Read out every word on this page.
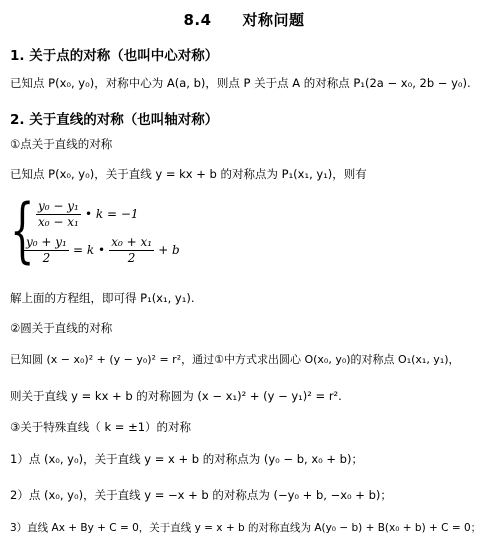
8.4　　对称问题
1. 关于点的对称（也叫中心对称）
已知点 P(x₀, y₀)，对称中心为 A(a, b)，则点 P 关于点 A 的对称点 P₁(2a − x₀, 2b − y₀).
2. 关于直线的对称（也叫轴对称）
①点关于直线的对称
已知点 P(x₀, y₀)，关于直线 y = kx + b 的对称点为 P₁(x₁, y₁)，则有
{ $\frac{\text{y₀ − y₁}}{\text{x₀ − x₁}}$ • k = −1
$\frac{\text{y₀ + y₁}}{2} = k$ • $\frac{\text{x₀ + x₁}}{2} + b$
解上面的方程组，即可得 P₁(x₁, y₁).
②圆关于直线的对称
已知圆 (x − x₀)² + (y − y₀)² = r²，通过①中方式求出圆心 O(x₀, y₀)的对称点 O₁(x₁, y₁)，
则关于直线 y = kx + b 的对称圆为 (x − x₁)² + (y − y₁)² = r².
③关于特殊直线（ k = ±1）的对称
1）点 (x₀, y₀)，关于直线 y = x + b 的对称点为 (y₀ − b, x₀ + b)；
2）点 (x₀, y₀)，关于直线 y = −x + b 的对称点为 (−y₀ + b, −x₀ + b)；
3）直线 Ax + By + C = 0，关于直线 y = x + b 的对称直线为 A(y₀ − b) + B(x₀ + b) + C = 0；
